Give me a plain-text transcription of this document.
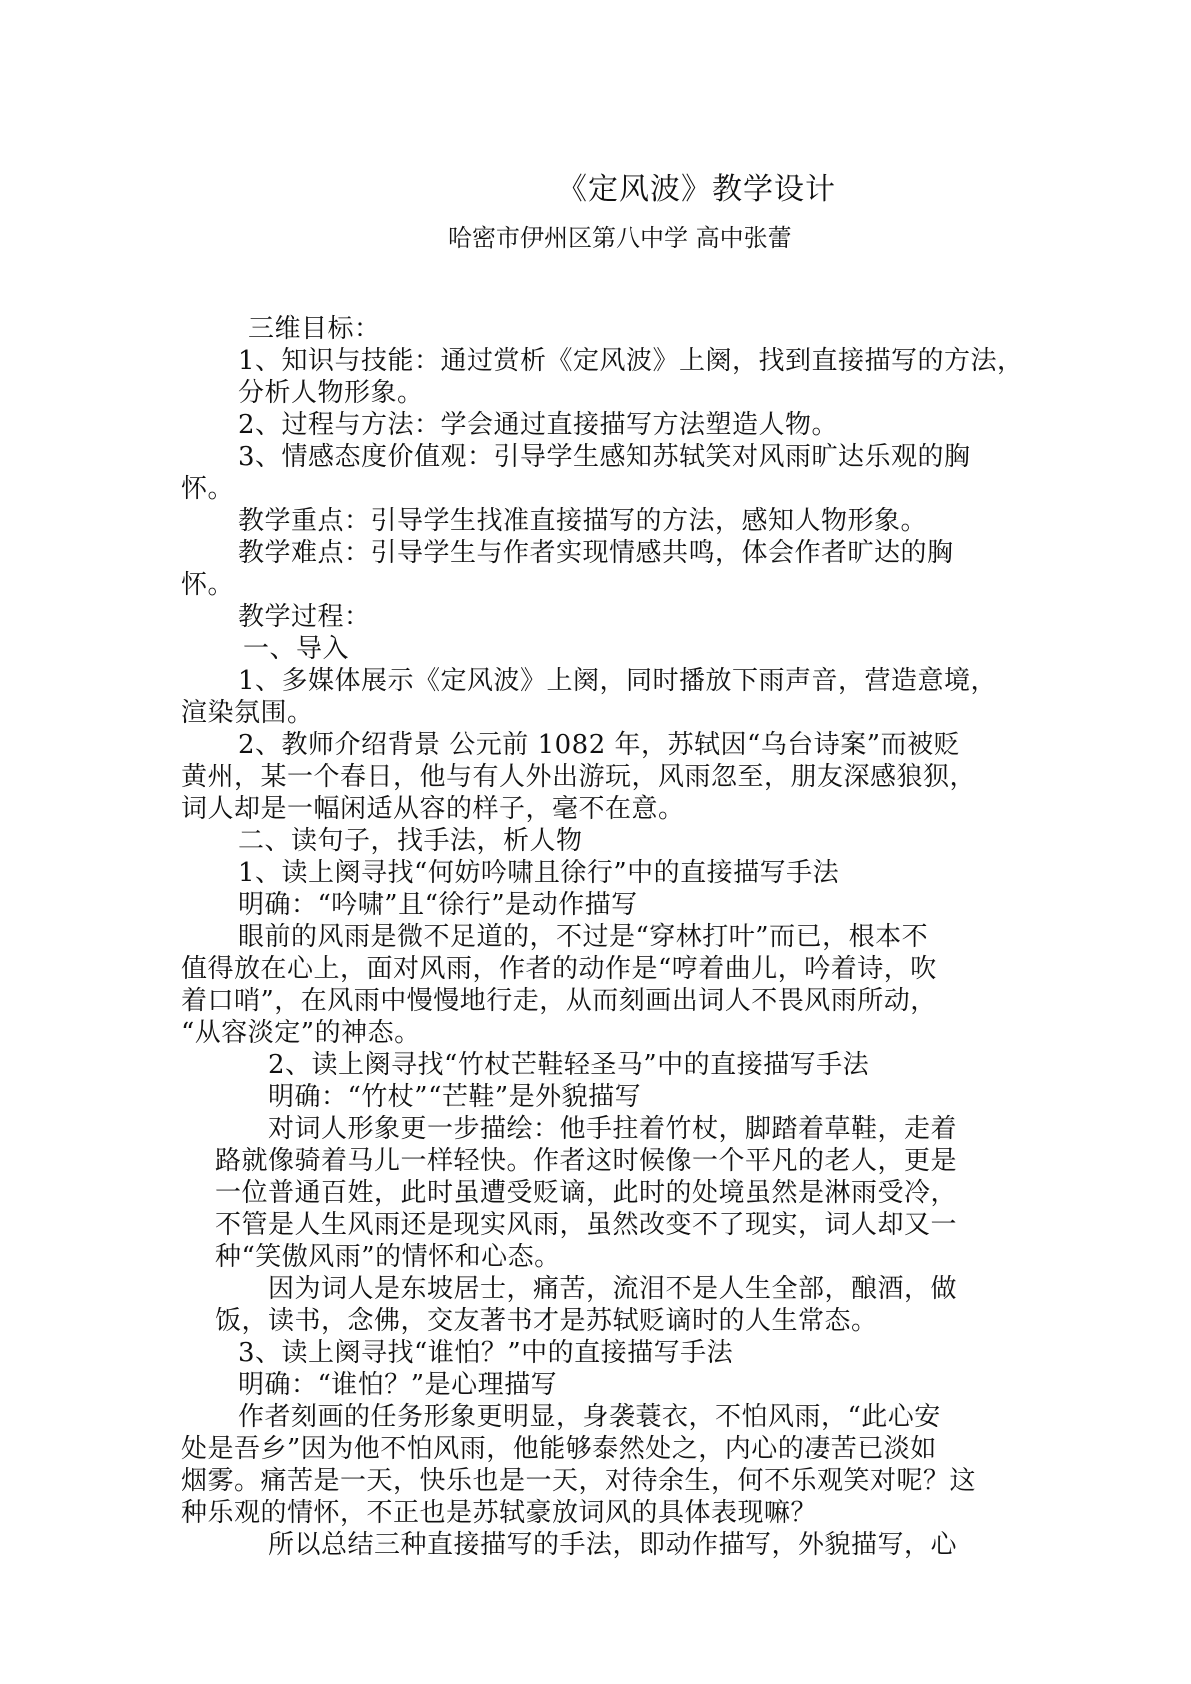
《定风波》教学设计
哈密市伊州区第八中学 高中张蕾
三维目标：
1、知识与技能：通过赏析《定风波》上阕，找到直接描写的方法，
分析人物形象。
2、过程与方法：学会通过直接描写方法塑造人物。
3、情感态度价值观：引导学生感知苏轼笑对风雨旷达乐观的胸
怀。
教学重点：引导学生找准直接描写的方法，感知人物形象。
教学难点：引导学生与作者实现情感共鸣，体会作者旷达的胸
怀。
教学过程：
一、导入
1、多媒体展示《定风波》上阕，同时播放下雨声音，营造意境，
渲染氛围。
2、教师介绍背景 公元前 1082 年，苏轼因“乌台诗案”而被贬
黄州，某一个春日，他与有人外出游玩，风雨忽至，朋友深感狼狈，
词人却是一幅闲适从容的样子，毫不在意。
二、读句子，找手法，析人物
1、读上阕寻找“何妨吟啸且徐行”中的直接描写手法
明确：“吟啸”且“徐行”是动作描写
眼前的风雨是微不足道的，不过是“穿林打叶”而已，根本不
值得放在心上，面对风雨，作者的动作是“哼着曲儿，吟着诗，吹
着口哨”，在风雨中慢慢地行走，从而刻画出词人不畏风雨所动，
“从容淡定”的神态。
2、读上阕寻找“竹杖芒鞋轻圣马”中的直接描写手法
明确：“竹杖”“芒鞋”是外貌描写
对词人形象更一步描绘：他手拄着竹杖，脚踏着草鞋，走着
路就像骑着马儿一样轻快。作者这时候像一个平凡的老人，更是
一位普通百姓，此时虽遭受贬谪，此时的处境虽然是淋雨受冷，
不管是人生风雨还是现实风雨，虽然改变不了现实，词人却又一
种“笑傲风雨”的情怀和心态。
因为词人是东坡居士，痛苦，流泪不是人生全部，酿酒，做
饭，读书，念佛，交友著书才是苏轼贬谪时的人生常态。
3、读上阕寻找“谁怕？”中的直接描写手法
明确：“谁怕？”是心理描写
作者刻画的任务形象更明显，身袭蓑衣，不怕风雨，“此心安
处是吾乡”因为他不怕风雨，他能够泰然处之，内心的凄苦已淡如
烟雾。痛苦是一天，快乐也是一天，对待余生，何不乐观笑对呢？这
种乐观的情怀，不正也是苏轼豪放词风的具体表现嘛？
所以总结三种直接描写的手法，即动作描写，外貌描写，心
